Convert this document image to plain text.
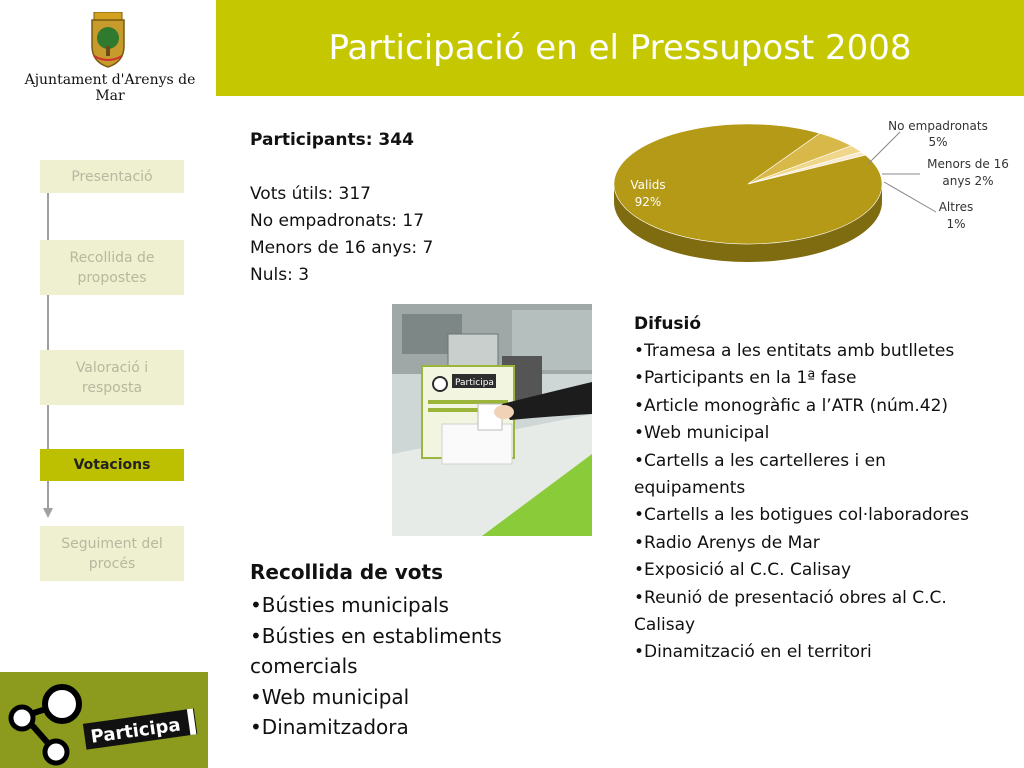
Ajuntament d'Arenys de Mar
Participació en el Pressupost 2008
Presentació
Recollida de propostes
Valoració i resposta
Votacions
Seguiment del procés
Participa
Participants: 344
Vots útils: 317
No empadronats: 17
Menors de 16 anys: 7
Nuls: 3
No empadronats
5%
Menors de 16
anys 2%
Altres
1%
Valids
92%
Participa
Difusió
•Tramesa a les entitats amb butlletes
•Participants en la 1ª fase
•Article monogràfic a l’ATR (núm.42)
•Web municipal
•Cartells a les cartelleres i en equipaments
•Cartells a les botigues col·laboradores
•Radio Arenys de Mar
•Exposició al C.C. Calisay
•Reunió de presentació obres al C.C. Calisay
•Dinamització en el territori
Recollida de vots
•Bústies municipals
•Bústies en establiments comercials
•Web municipal
•Dinamitzadora
